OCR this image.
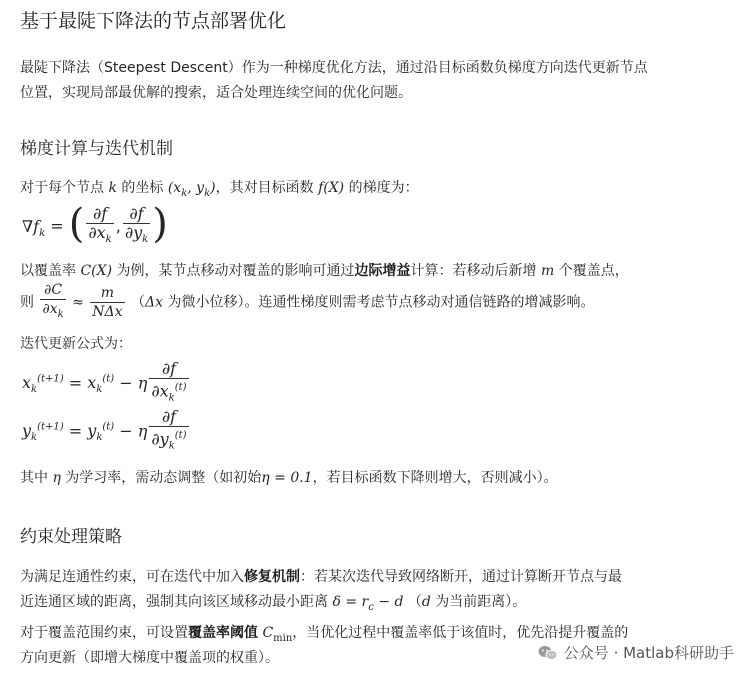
基于最陡下降法的节点部署优化
最陡下降法（Steepest Descent）作为一种梯度优化方法，通过沿目标函数负梯度方向迭代更新节点
位置，实现局部最优解的搜索，适合处理连续空间的优化问题。
梯度计算与迭代机制
对于每个节点 k 的坐标 ($x_k$, $y_k$)，其对目标函数 f(X) 的梯度为：
$\nabla f_k$ = ( $\frac{\partial f}{\partial x_k}$ , $\frac{\partial f}{\partial y_k}$ )
以覆盖率 C(X) 为例，某节点移动对覆盖的影响可通过边际增益计算：若移动后新增 m 个覆盖点，
则 $\frac{\partial C}{\partial x_k} \approx \frac{m}{\text{NΔx}} (\Delta x$ 为微小位移）。连通性梯度则需考虑节点移动对通信链路的增减影响。
迭代更新公式为：
$x_k^{(t+1)} = x_k^{(t)} - \eta \frac{\partial f}{\partial x_k^{(t)}}$
$y_k^{(t+1)} = y_k^{(t)} - \eta \frac{\partial f}{\partial y_k^{(t)}}$
其中 η 为学习率，需动态调整（如初始η = 0.1，若目标函数下降则增大，否则减小）。
约束处理策略
为满足连通性约束，可在迭代中加入修复机制：若某次迭代导致网络断开，通过计算断开节点与最
近连通区域的距离，强制其向该区域移动最小距离 $\delta = r_c - d$ （d 为当前距离）。
对于覆盖范围约束，可设置覆盖率阈值 $C_{min}$，当优化过程中覆盖率低于该值时，优先沿提升覆盖的
方向更新（即增大梯度中覆盖项的权重）。	公众号 · Matlab科研助手
